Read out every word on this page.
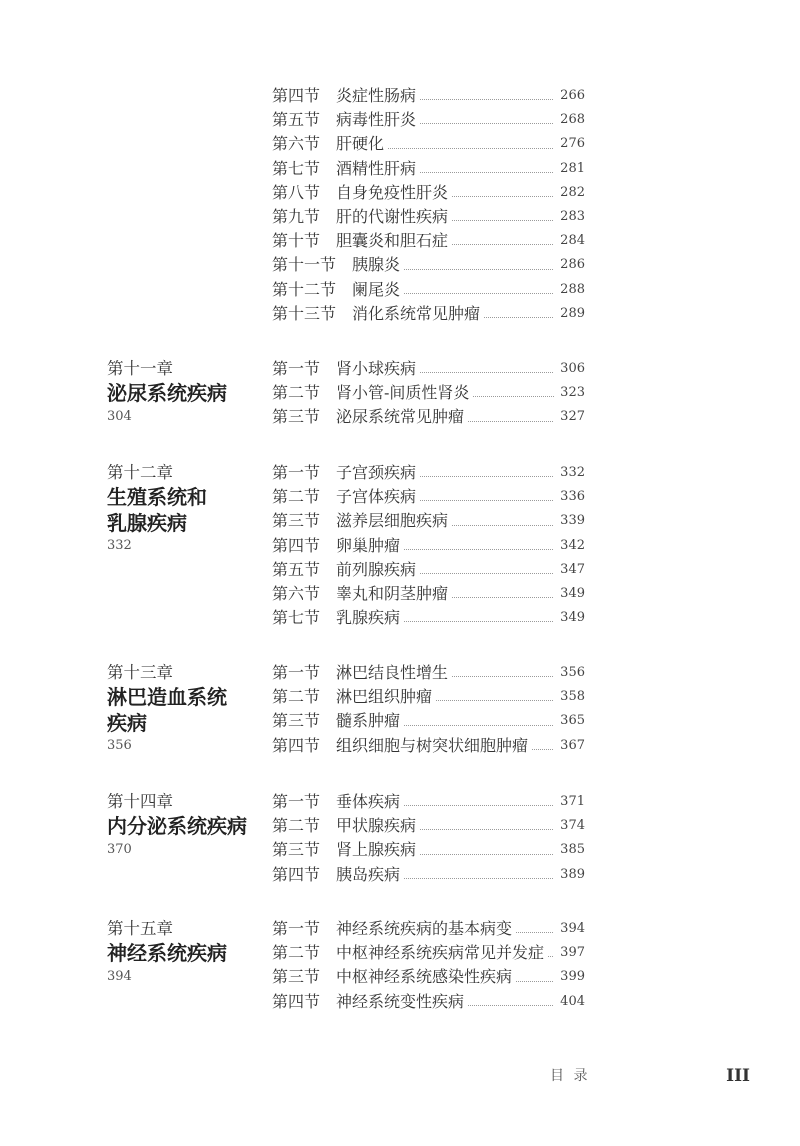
第四节 炎症性肠病	266
第五节 病毒性肝炎	268
第六节 肝硬化	276
第七节 酒精性肝病	281
第八节 自身免疫性肝炎	282
第九节 肝的代谢性疾病	283
第十节 胆囊炎和胆石症	284
第十一节 胰腺炎	286
第十二节 阑尾炎	288
第十三节 消化系统常见肿瘤	289
第十一章
泌尿系统疾病
304
第一节 肾小球疾病	306
第二节 肾小管-间质性肾炎	323
第三节 泌尿系统常见肿瘤	327
第十二章
生殖系统和
乳腺疾病
332
第一节 子宫颈疾病	332
第二节 子宫体疾病	336
第三节 滋养层细胞疾病	339
第四节 卵巢肿瘤	342
第五节 前列腺疾病	347
第六节 睾丸和阴茎肿瘤	349
第七节 乳腺疾病	349
第十三章
淋巴造血系统
疾病
356
第一节 淋巴结良性增生	356
第二节 淋巴组织肿瘤	358
第三节 髓系肿瘤	365
第四节 组织细胞与树突状细胞肿瘤 367
第十四章
内分泌系统疾病
370
第一节 垂体疾病	371
第二节 甲状腺疾病	374
第三节 肾上腺疾病	385
第四节 胰岛疾病	389
第十五章
神经系统疾病
394
第一节 神经系统疾病的基本病变	394
第二节 中枢神经系统疾病常见并发症 397
第三节 中枢神经系统感染性疾病	399
第四节 神经系统变性疾病	404
目 录	III
